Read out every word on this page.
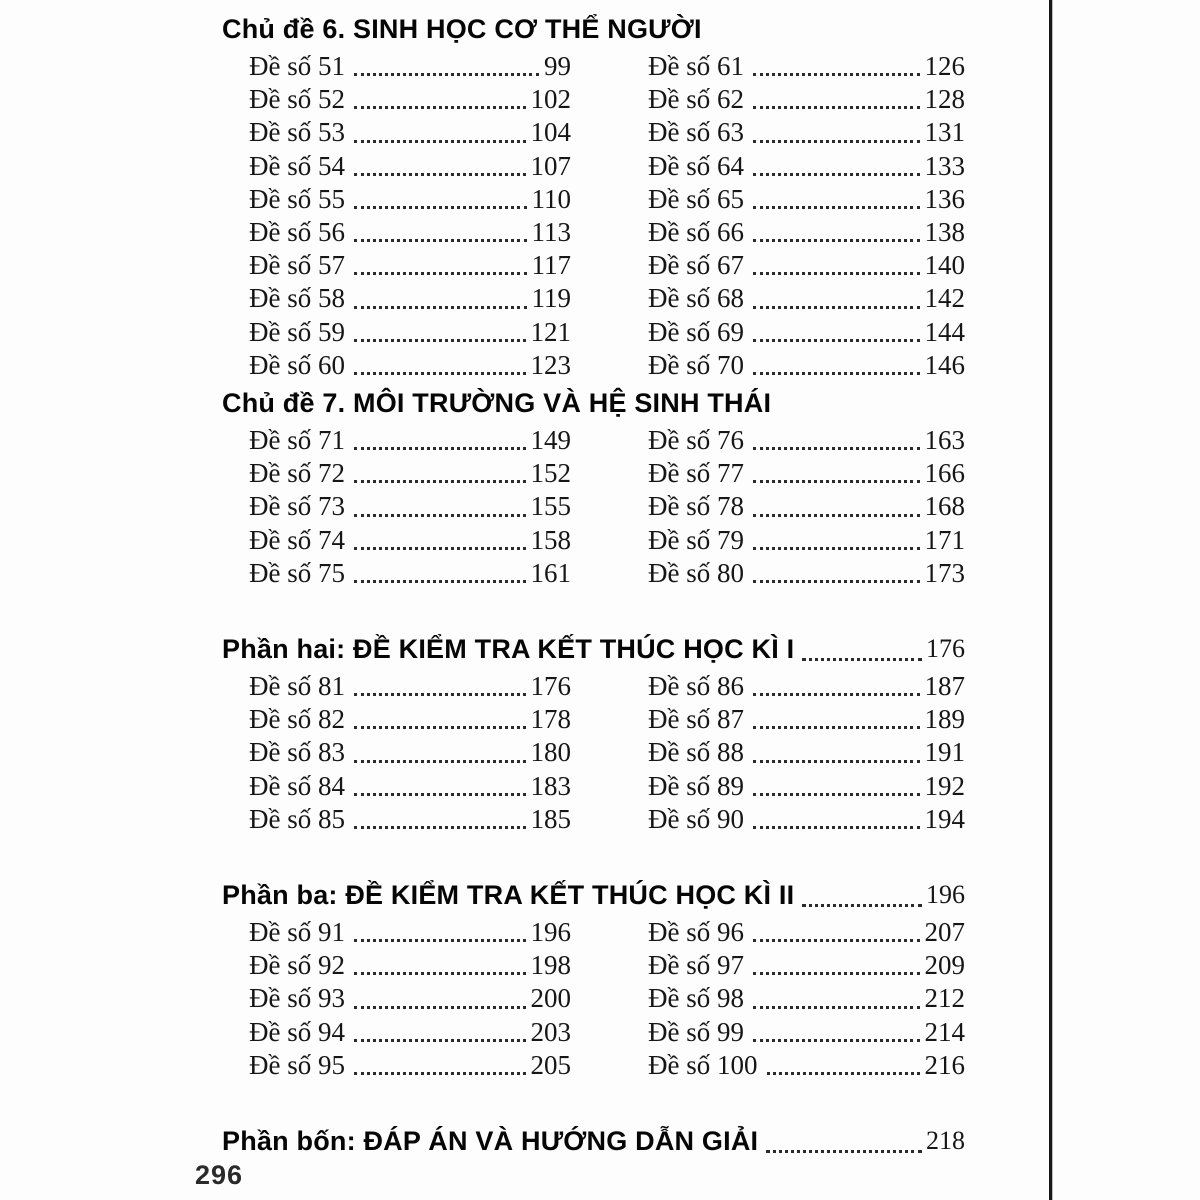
Chủ đề 6. SINH HỌC CƠ THỂ NGƯỜI
Đề số 51	99
Đề số 52	102
Đề số 53	104
Đề số 54	107
Đề số 55	110
Đề số 56	113
Đề số 57	117
Đề số 58	119
Đề số 59	121
Đề số 60	123
Đề số 61	126
Đề số 62	128
Đề số 63	131
Đề số 64	133
Đề số 65	136
Đề số 66	138
Đề số 67	140
Đề số 68	142
Đề số 69	144
Đề số 70	146
Chủ đề 7. MÔI TRƯỜNG VÀ HỆ SINH THÁI
Đề số 71	149
Đề số 72	152
Đề số 73	155
Đề số 74	158
Đề số 75	161
Đề số 76	163
Đề số 77	166
Đề số 78	168
Đề số 79	171
Đề số 80	173
Phần hai: ĐỀ KIỂM TRA KẾT THÚC HỌC KÌ I	176
Đề số 81	176
Đề số 82	178
Đề số 83	180
Đề số 84	183
Đề số 85	185
Đề số 86	187
Đề số 87	189
Đề số 88	191
Đề số 89	192
Đề số 90	194
Phần ba: ĐỀ KIỂM TRA KẾT THÚC HỌC KÌ II	196
Đề số 91	196
Đề số 92	198
Đề số 93	200
Đề số 94	203
Đề số 95	205
Đề số 96	207
Đề số 97	209
Đề số 98	212
Đề số 99	214
Đề số 100	216
Phần bốn: ĐÁP ÁN VÀ HƯỚNG DẪN GIẢI	218
296
